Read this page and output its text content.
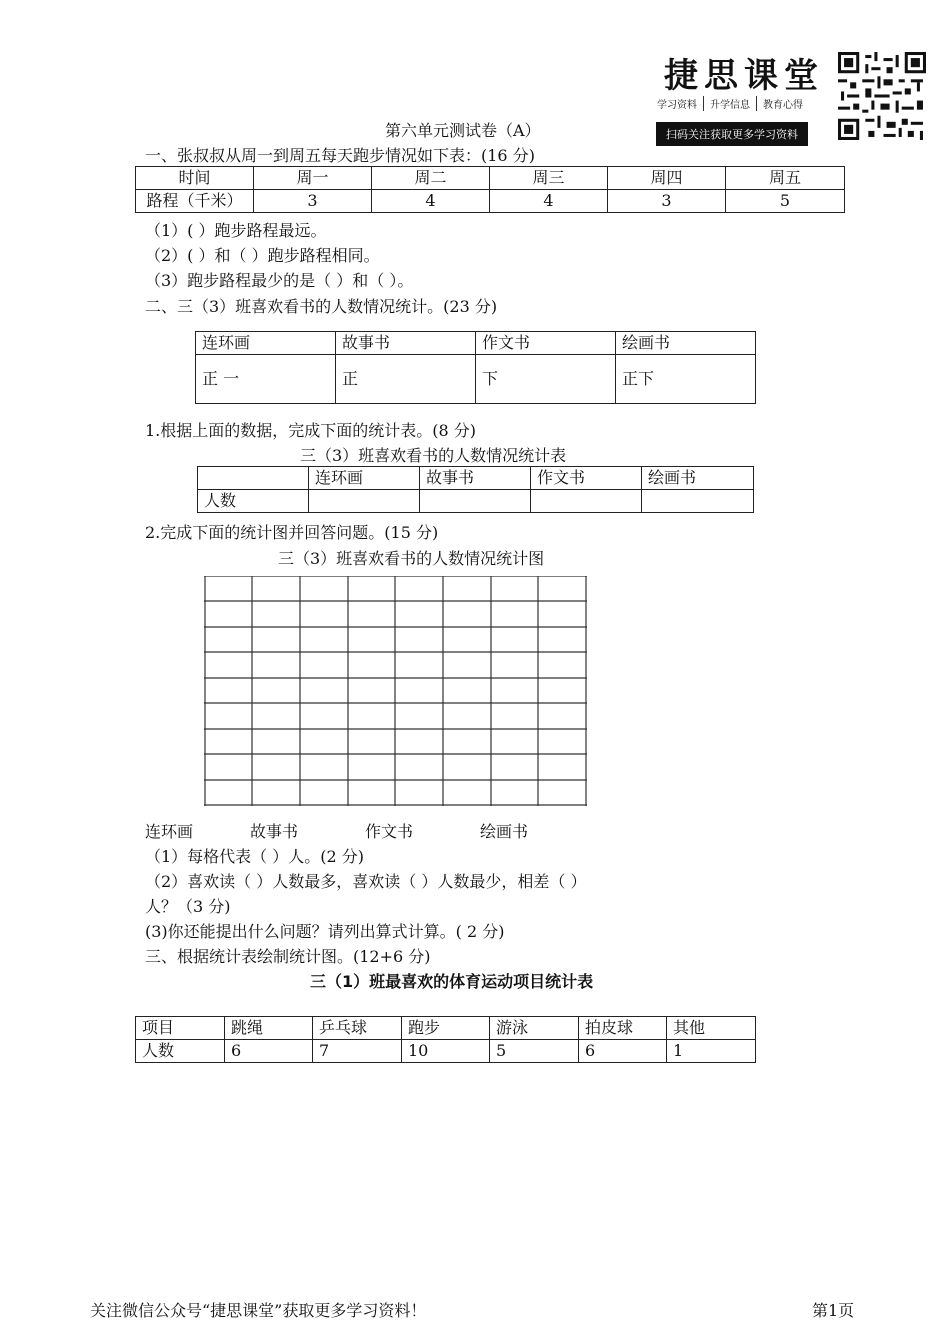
捷思课堂
学习资料	升学信息	教育心得
扫码关注获取更多学习资料
第六单元测试卷（A）
一、张叔叔从周一到周五每天跑步情况如下表：(16 分)
时间	周一	周二	周三	周四	周五
路程（千米）	3	4	4	3	5
（1）( ）跑步路程最远。
（2）( ）和（ ）跑步路程相同。
（3）跑步路程最少的是（ ）和（ ）。
二、三（3）班喜欢看书的人数情况统计。(23 分)
连环画	故事书	作文书	绘画书
正 一	正	下	正下
1.根据上面的数据，完成下面的统计表。(8 分)
三（3）班喜欢看书的人数情况统计表
	连环画	故事书	作文书	绘画书
人数				
2.完成下面的统计图并回答问题。(15 分)
三（3）班喜欢看书的人数情况统计图
连环画	故事书	作文书	绘画书
（1）每格代表（ ）人。(2 分)
（2）喜欢读（ ）人数最多，喜欢读（ ）人数最少，相差（ ）
人？（3 分)
(3)你还能提出什么问题？请列出算式计算。( 2 分)
三、根据统计表绘制统计图。(12+6 分)
三（1）班最喜欢的体育运动项目统计表
项目	跳绳	乒乓球	跑步	游泳	拍皮球	其他
人数	6	7	10	5	6	1
关注微信公众号“捷思课堂”获取更多学习资料！	第1页
